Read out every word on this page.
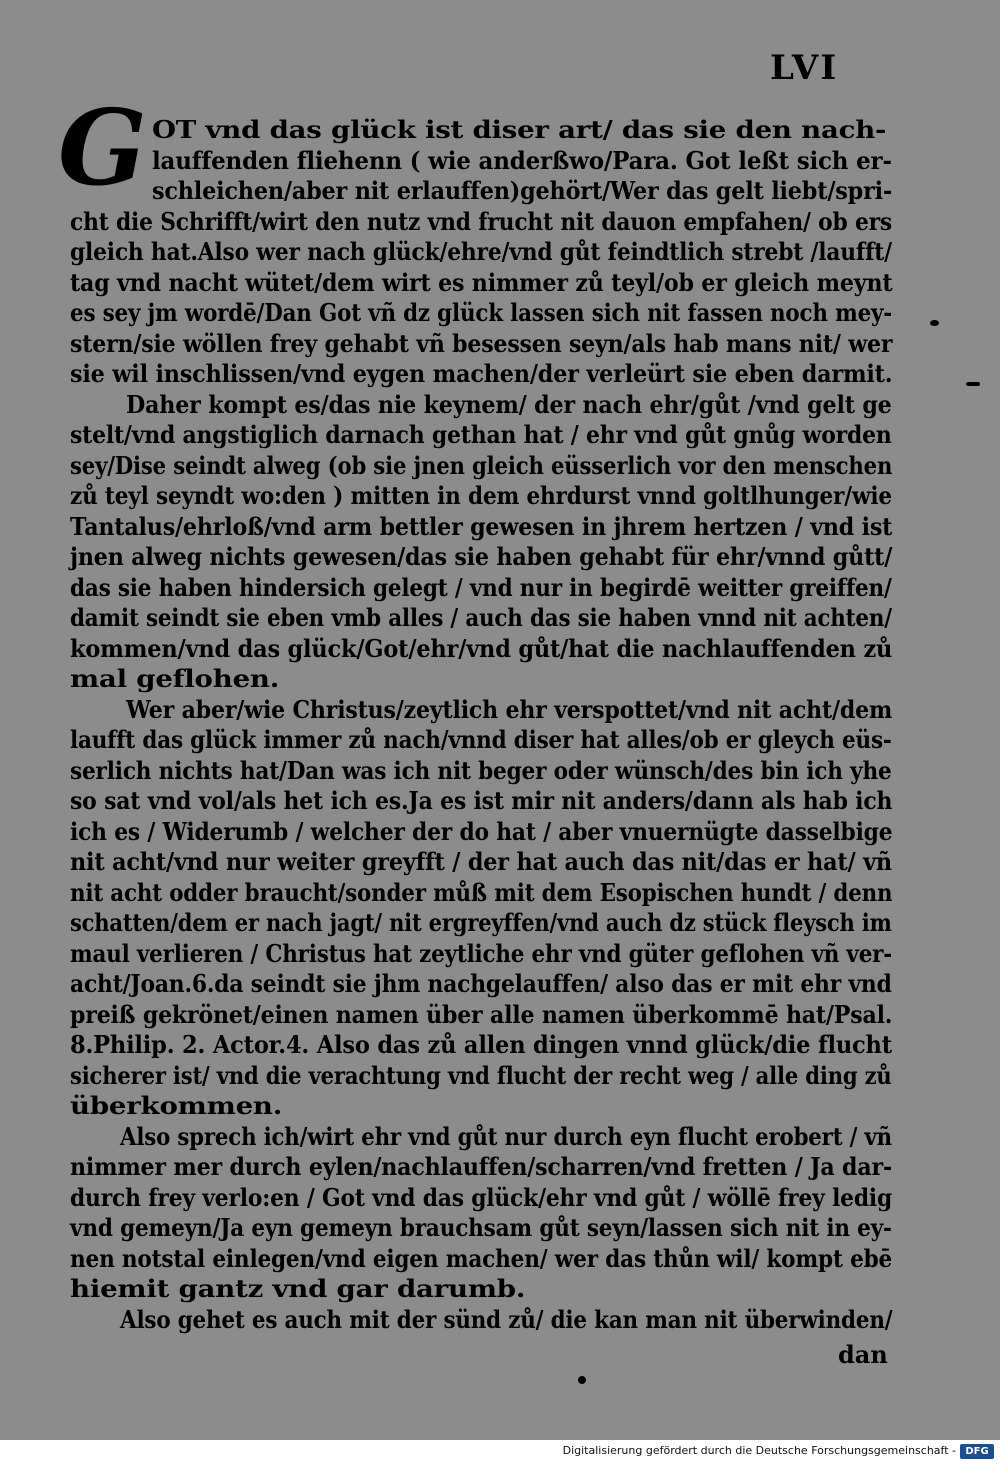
LVI
G OT vnd das glück ist diser art/ das sie den nach-
lauffenden fliehenn ( wie anderßwo/Para. Got leßt sich er-
schleichen/aber nit erlauffen)gehört/Wer das gelt liebt/spri-
cht die Schrifft/wirt den nutz vnd frucht nit dauon empfahen/ ob ers
gleich hat.Also wer nach glück/ehre/vnd gůt feindtlich strebt /laufft/
tag vnd nacht wütet/dem wirt es nimmer zů teyl/ob er gleich meynt
es sey jm wordē/Dan Got vñ dz glück lassen sich nit fassen noch mey-
stern/sie wöllen frey gehabt vñ besessen seyn/als hab mans nit/ wer
sie wil inschlissen/vnd eygen machen/der verleürt sie eben darmit.
Daher kompt es/das nie keynem/ der nach ehr/gůt /vnd gelt ge
stelt/vnd angstiglich darnach gethan hat / ehr vnd gůt gnůg worden
sey/Dise seindt alweg (ob sie jnen gleich eüsserlich vor den menschen
zů teyl seyndt wo:den ) mitten in dem ehrdurst vnnd goltlhunger/wie
Tantalus/ehrloß/vnd arm bettler gewesen in jhrem hertzen / vnd ist
jnen alweg nichts gewesen/das sie haben gehabt für ehr/vnnd gůtt/
das sie haben hindersich gelegt / vnd nur in begirdē weitter greiffen/
damit seindt sie eben vmb alles / auch das sie haben vnnd nit achten/
kommen/vnd das glück/Got/ehr/vnd gůt/hat die nachlauffenden zů
mal geflohen.
Wer aber/wie Christus/zeytlich ehr verspottet/vnd nit acht/dem
laufft das glück immer zů nach/vnnd diser hat alles/ob er gleych eüs-
serlich nichts hat/Dan was ich nit beger oder wünsch/des bin ich yhe
so sat vnd vol/als het ich es.Ja es ist mir nit anders/dann als hab ich
ich es / Widerumb / welcher der do hat / aber vnuernügte dasselbige
nit acht/vnd nur weiter greyfft / der hat auch das nit/das er hat/ vñ
nit acht odder braucht/sonder můß mit dem Esopischen hundt / denn
schatten/dem er nach jagt/ nit ergreyffen/vnd auch dz stück fleysch im
maul verlieren / Christus hat zeytliche ehr vnd güter geflohen vñ ver-
acht/Joan.6.da seindt sie jhm nachgelauffen/ also das er mit ehr vnd
preiß gekrönet/einen namen über alle namen überkommē hat/Psal.
8.Philip. 2. Actor.4. Also das zů allen dingen vnnd glück/die flucht
sicherer ist/ vnd die verachtung vnd flucht der recht weg / alle ding zů
überkommen.
Also sprech ich/wirt ehr vnd gůt nur durch eyn flucht erobert / vñ
nimmer mer durch eylen/nachlauffen/scharren/vnd fretten / Ja dar-
durch frey verlo:en / Got vnd das glück/ehr vnd gůt / wöllē frey ledig
vnd gemeyn/Ja eyn gemeyn brauchsam gůt seyn/lassen sich nit in ey-
nen notstal einlegen/vnd eigen machen/ wer das thůn wil/ kompt ebē
hiemit gantz vnd gar darumb.
Also gehet es auch mit der sünd zů/ die kan man nit überwinden/
dan
Digitalisierung gefördert durch die Deutsche Forschungsgemeinschaft - DFG
